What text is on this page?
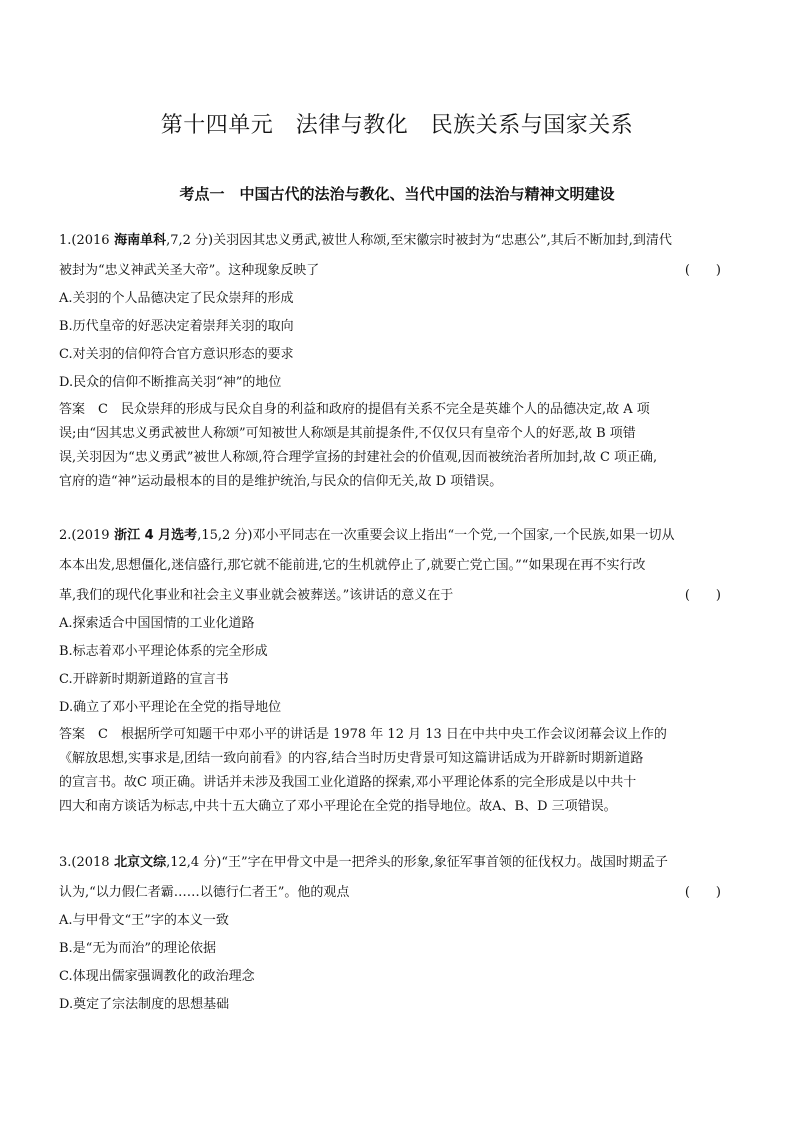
第十四单元　法律与教化　民族关系与国家关系
考点一　中国古代的法治与教化、当代中国的法治与精神文明建设
1.(2016 海南单科,7,2 分)关羽因其忠义勇武,被世人称颂,至宋徽宗时被封为“忠惠公”,其后不断加封,到清代
被封为“忠义神武关圣大帝”。这种现象反映了	(　　)
A.关羽的个人品德决定了民众崇拜的形成
B.历代皇帝的好恶决定着崇拜关羽的取向
C.对关羽的信仰符合官方意识形态的要求
D.民众的信仰不断推高关羽“神”的地位
答案　C　民众崇拜的形成与民众自身的利益和政府的提倡有关系不完全是英雄个人的品德决定,故 A 项
误;由“因其忠义勇武被世人称颂”可知被世人称颂是其前提条件,不仅仅只有皇帝个人的好恶,故 B 项错
误,关羽因为“忠义勇武”被世人称颂,符合理学宣扬的封建社会的价值观,因而被统治者所加封,故 C 项正确,
官府的造“神”运动最根本的目的是维护统治,与民众的信仰无关,故 D 项错误。
2.(2019 浙江 4 月选考,15,2 分)邓小平同志在一次重要会议上指出“一个党,一个国家,一个民族,如果一切从
本本出发,思想僵化,迷信盛行,那它就不能前进,它的生机就停止了,就要亡党亡国。”“如果现在再不实行改
革,我们的现代化事业和社会主义事业就会被葬送。”该讲话的意义在于	(　　)
A.探索适合中国国情的工业化道路
B.标志着邓小平理论体系的完全形成
C.开辟新时期新道路的宣言书
D.确立了邓小平理论在全党的指导地位
答案　C　根据所学可知题干中邓小平的讲话是 1978 年 12 月 13 日在中共中央工作会议闭幕会议上作的
《解放思想,实事求是,团结一致向前看》的内容,结合当时历史背景可知这篇讲话成为开辟新时期新道路
的宣言书。故C 项正确。讲话并未涉及我国工业化道路的探索,邓小平理论体系的完全形成是以中共十
四大和南方谈话为标志,中共十五大确立了邓小平理论在全党的指导地位。故A、B、D 三项错误。
3.(2018 北京文综,12,4 分)“王”字在甲骨文中是一把斧头的形象,象征军事首领的征伐权力。战国时期孟子
认为,“以力假仁者霸……以德行仁者王”。他的观点	(　　)
A.与甲骨文“王”字的本义一致
B.是“无为而治”的理论依据
C.体现出儒家强调教化的政治理念
D.奠定了宗法制度的思想基础
